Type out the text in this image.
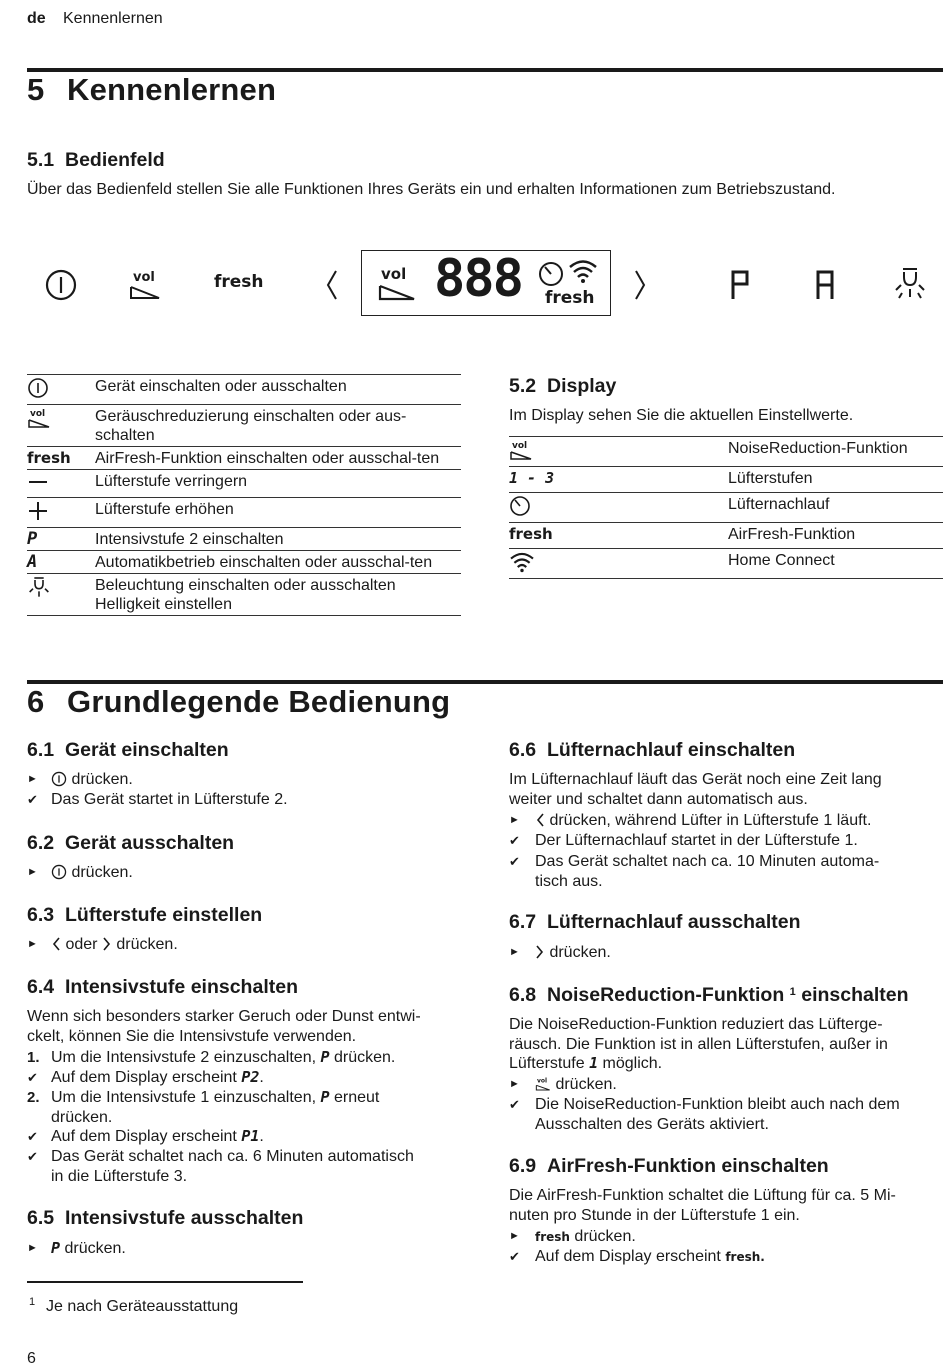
de Kennenlernen
5 Kennenlernen
5.1 Bedienfeld
Über das Bedienfeld stellen Sie alle Funktionen Ihres Geräts ein und erhalten Informationen zum Betriebszustand.
vol	fresh	vol 888 fresh
	Gerät einschalten oder ausschalten

vol	Geräuschreduzierung einschalten oder aus-schalten
fresh	AirFresh-Funktion einschalten oder ausschal-ten
	Lüfterstufe verringern
	Lüfterstufe erhöhen
P	Intensivstufe 2 einschalten
A	Automatikbetrieb einschalten oder ausschal-ten
	Beleuchtung einschalten oder ausschalten
Helligkeit einstellen
5.2 Display
Im Display sehen Sie die aktuellen Einstellwerte.
vol	NoiseReduction-Funktion
1 - 3	Lüfterstufen
	Lüfternachlauf
fresh	AirFresh-Funktion
	Home Connect
6 Grundlegende Bedienung
6.1 Gerät einschalten
►	drücken.
✔ Das Gerät startet in Lüfterstufe 2.
6.2 Gerät ausschalten
►	drücken.
6.3 Lüfterstufe einstellen
►	oder drücken.
6.4 Intensivstufe einschalten
Wenn sich besonders starker Geruch oder Dunst entwi-
ckelt, können Sie die Intensivstufe verwenden.
1. Um die Intensivstufe 2 einzuschalten, P drücken.
✔ Auf dem Display erscheint P2.
2. Um die Intensivstufe 1 einzuschalten, P erneut
drücken.
✔ Auf dem Display erscheint P1.
✔ Das Gerät schaltet nach ca. 6 Minuten automatisch
in die Lüfterstufe 3.
6.5 Intensivstufe ausschalten
► P drücken.
6.6 Lüfternachlauf einschalten
Im Lüfternachlauf läuft das Gerät noch eine Zeit lang
weiter und schaltet dann automatisch aus.
►	drücken, während Lüfter in Lüfterstufe 1 läuft.
✔ Der Lüfternachlauf startet in der Lüfterstufe 1.
✔ Das Gerät schaltet nach ca. 10 Minuten automa-
tisch aus.
6.7 Lüfternachlauf ausschalten
►	drücken.
6.8 NoiseReduction-Funktion $^1$ einschalten
Die NoiseReduction-Funktion reduziert das Lüfterge-
räusch. Die Funktion ist in allen Lüfterstufen, außer in
Lüfterstufe 1 möglich.
►	vol drücken.
✔ Die NoiseReduction-Funktion bleibt auch nach dem
Ausschalten des Geräts aktiviert.
6.9 AirFresh-Funktion einschalten
Die AirFresh-Funktion schaltet die Lüftung für ca. 5 Mi-
nuten pro Stunde in der Lüfterstufe 1 ein.
►	fresh drücken.
✔ Auf dem Display erscheint fresh.
1 Je nach Geräteausstattung
6
